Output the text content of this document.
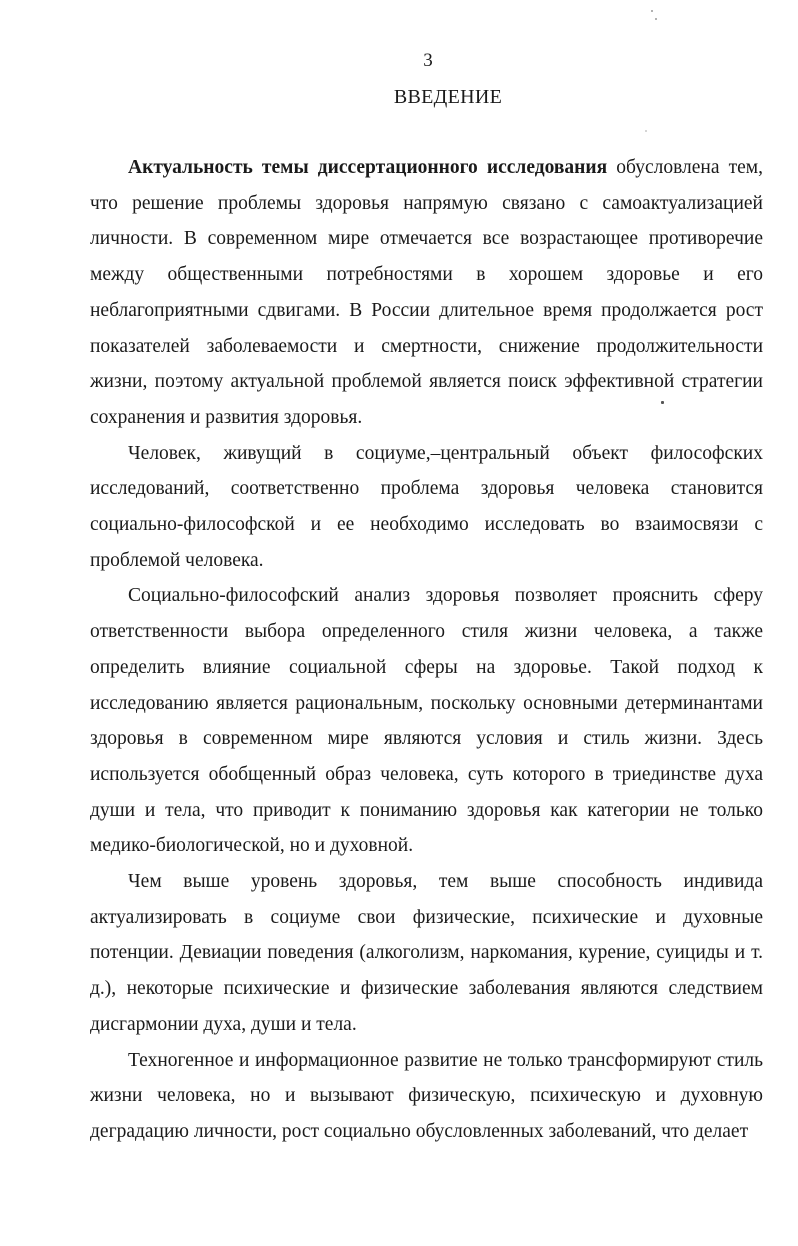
3
ВВЕДЕНИЕ

Актуальность темы диссертационного исследования обусловлена тем, что решение проблемы здоровья напрямую связано с самоактуализацией личности. В современном мире отмечается все возрастающее противоречие между общественными потребностями в хорошем здоровье и его неблагоприятными сдвигами. В России длительное время продолжается рост показателей заболеваемости и смертности, снижение продолжительности жизни, поэтому актуальной проблемой является поиск эффективной стратегии сохранения и развития здоровья.

Человек, живущий в социуме,–центральный объект философских исследований, соответственно проблема здоровья человека становится социально-философской и ее необходимо исследовать во взаимосвязи с проблемой человека.

Социально-философский анализ здоровья позволяет прояснить сферу ответственности выбора определенного стиля жизни человека, а также определить влияние социальной сферы на здоровье. Такой подход к исследованию является рациональным, поскольку основными детерминантами здоровья в современном мире являются условия и стиль жизни. Здесь используется обобщенный образ человека, суть которого в триединстве духа души и тела, что приводит к пониманию здоровья как категории не только медико-биологической, но и духовной.

Чем выше уровень здоровья, тем выше способность индивида актуализировать в социуме свои физические, психические и духовные потенции. Девиации поведения (алкоголизм, наркомания, курение, суициды и т. д.), некоторые психические и физические заболевания являются следствием дисгармонии духа, души и тела.

Техногенное и информационное развитие не только трансформируют стиль жизни человека, но и вызывают физическую, психическую и духовную деградацию личности, рост социально обусловленных заболеваний, что делает
